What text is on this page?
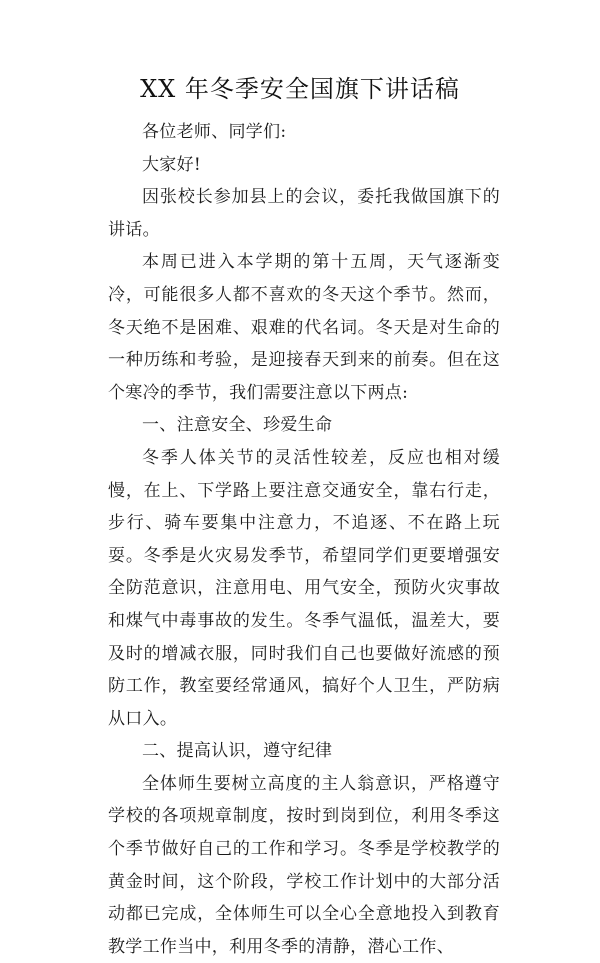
XX 年冬季安全国旗下讲话稿

各位老师、同学们:

大家好!

因张校长参加县上的会议，委托我做国旗下的讲话。

本周已进入本学期的第十五周，天气逐渐变冷，可能很多人都不喜欢的冬天这个季节。然而，冬天绝不是困难、艰难的代名词。冬天是对生命的一种历练和考验，是迎接春天到来的前奏。但在这个寒冷的季节，我们需要注意以下两点:

一、注意安全、珍爱生命

冬季人体关节的灵活性较差，反应也相对缓慢，在上、下学路上要注意交通安全，靠右行走，步行、骑车要集中注意力，不追逐、不在路上玩耍。冬季是火灾易发季节，希望同学们更要增强安全防范意识，注意用电、用气安全，预防火灾事故和煤气中毒事故的发生。冬季气温低，温差大，要及时的增减衣服，同时我们自己也要做好流感的预防工作，教室要经常通风，搞好个人卫生，严防病从口入。

二、提高认识，遵守纪律

全体师生要树立高度的主人翁意识，严格遵守学校的各项规章制度，按时到岗到位，利用冬季这个季节做好自己的工作和学习。冬季是学校教学的黄金时间，这个阶段，学校工作计划中的大部分活动都已完成，全体师生可以全心全意地投入到教育教学工作当中，利用冬季的清静，潜心工作、
